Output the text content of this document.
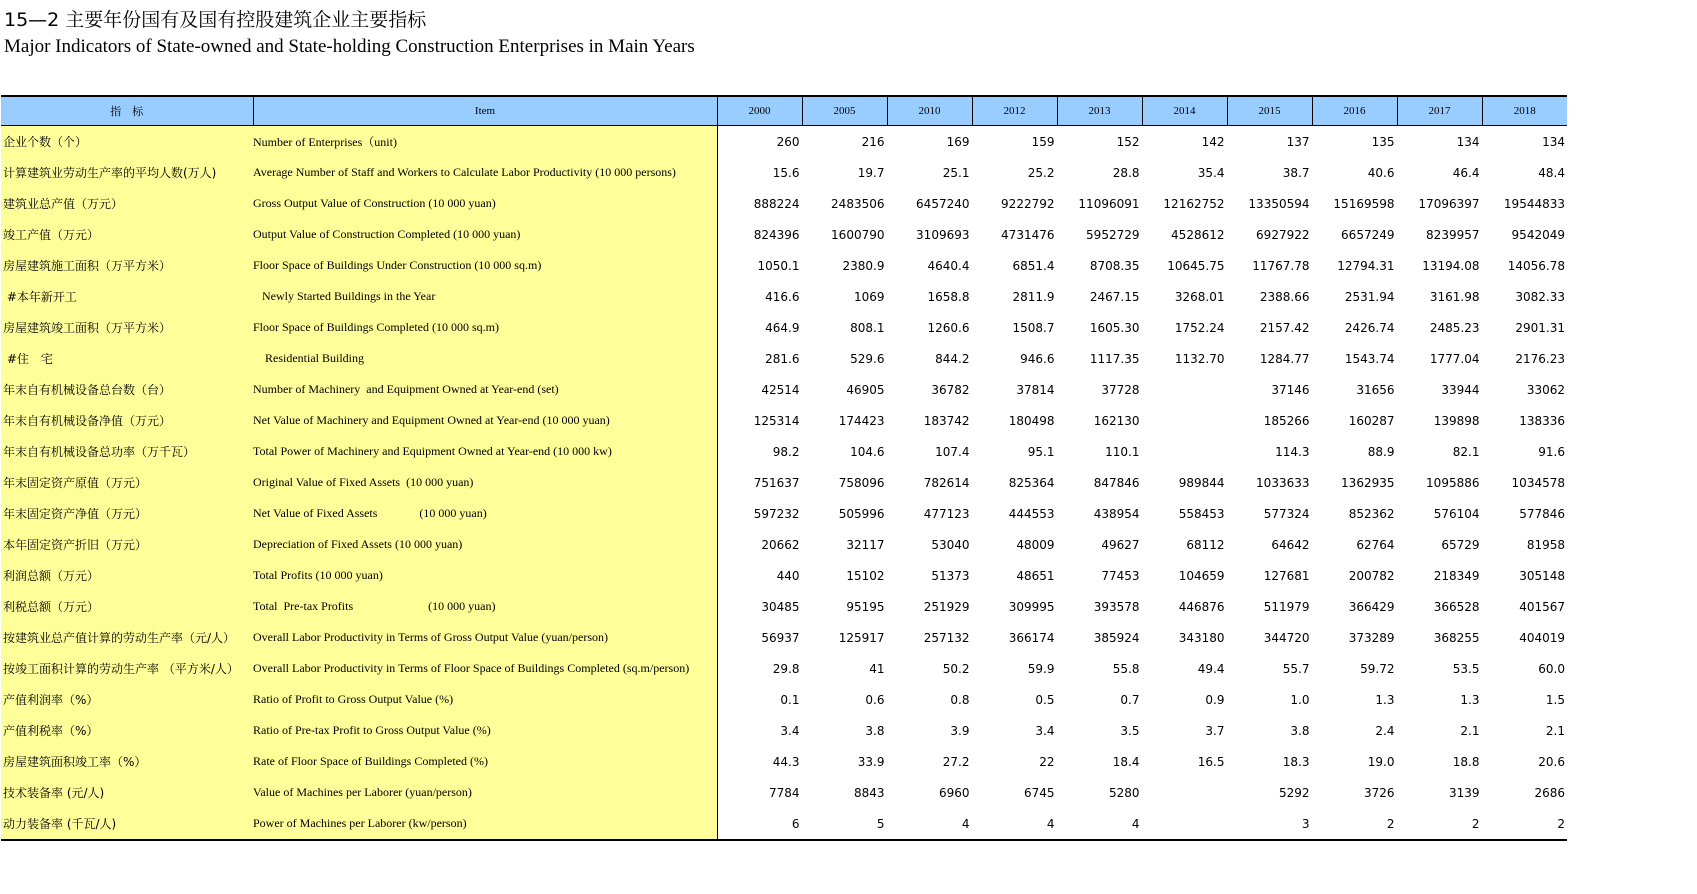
15—2 主要年份国有及国有控股建筑企业主要指标
Major Indicators of State-owned and State-holding Construction Enterprises in Main Years
指　标	Item	2000	2005	2010	2012	2013	2014	2015	2016	2017	2018
企业个数（个）	Number of Enterprises（unit)	260	216	169	159	152	142	137	135	134	134
计算建筑业劳动生产率的平均人数(万人)	Average Number of Staff and Workers to Calculate Labor Productivity (10 000 persons)	15.6	19.7	25.1	25.2	28.8	35.4	38.7	40.6	46.4	48.4
建筑业总产值（万元）	Gross Output Value of Construction (10 000 yuan)	888224	2483506	6457240	9222792	11096091	12162752	13350594	15169598	17096397	19544833
竣工产值（万元）	Output Value of Construction Completed (10 000 yuan)	824396	1600790	3109693	4731476	5952729	4528612	6927922	6657249	8239957	9542049
房屋建筑施工面积（万平方米）	Floor Space of Buildings Under Construction (10 000 sq.m)	1050.1	2380.9	4640.4	6851.4	8708.35	10645.75	11767.78	12794.31	13194.08	14056.78
#本年新开工	Newly Started Buildings in the Year	416.6	1069	1658.8	2811.9	2467.15	3268.01	2388.66	2531.94	3161.98	3082.33
房屋建筑竣工面积（万平方米）	Floor Space of Buildings Completed (10 000 sq.m)	464.9	808.1	1260.6	1508.7	1605.30	1752.24	2157.42	2426.74	2485.23	2901.31
#住　宅	Residential Building	281.6	529.6	844.2	946.6	1117.35	1132.70	1284.77	1543.74	1777.04	2176.23
年末自有机械设备总台数（台）	Number of Machinery  and Equipment Owned at Year-end (set)	42514	46905	36782	37814	37728		37146	31656	33944	33062
年末自有机械设备净值（万元）	Net Value of Machinery and Equipment Owned at Year-end (10 000 yuan)	125314	174423	183742	180498	162130		185266	160287	139898	138336
年末自有机械设备总功率（万千瓦）	Total Power of Machinery and Equipment Owned at Year-end (10 000 kw)	98.2	104.6	107.4	95.1	110.1		114.3	88.9	82.1	91.6
年末固定资产原值（万元）	Original Value of Fixed Assets  (10 000 yuan)	751637	758096	782614	825364	847846	989844	1033633	1362935	1095886	1034578
年末固定资产净值（万元）	Net Value of Fixed Assets              (10 000 yuan)	597232	505996	477123	444553	438954	558453	577324	852362	576104	577846
本年固定资产折旧（万元）	Depreciation of Fixed Assets (10 000 yuan)	20662	32117	53040	48009	49627	68112	64642	62764	65729	81958
利润总额（万元）	Total Profits (10 000 yuan)	440	15102	51373	48651	77453	104659	127681	200782	218349	305148
利税总额（万元）	Total  Pre-tax Profits                         (10 000 yuan)	30485	95195	251929	309995	393578	446876	511979	366429	366528	401567
按建筑业总产值计算的劳动生产率（元/人）	Overall Labor Productivity in Terms of Gross Output Value (yuan/person)	56937	125917	257132	366174	385924	343180	344720	373289	368255	404019
按竣工面积计算的劳动生产率 （平方米/人）	Overall Labor Productivity in Terms of Floor Space of Buildings Completed (sq.m/person)	29.8	41	50.2	59.9	55.8	49.4	55.7	59.72	53.5	60.0
产值利润率（%）	Ratio of Profit to Gross Output Value (%)	0.1	0.6	0.8	0.5	0.7	0.9	1.0	1.3	1.3	1.5
产值利税率（%）	Ratio of Pre-tax Profit to Gross Output Value (%)	3.4	3.8	3.9	3.4	3.5	3.7	3.8	2.4	2.1	2.1
房屋建筑面积竣工率（%）	Rate of Floor Space of Buildings Completed (%)	44.3	33.9	27.2	22	18.4	16.5	18.3	19.0	18.8	20.6
技术装备率 (元/人)	Value of Machines per Laborer (yuan/person)	7784	8843	6960	6745	5280		5292	3726	3139	2686
动力装备率 (千瓦/人)	Power of Machines per Laborer (kw/person)	6	5	4	4	4		3	2	2	2
